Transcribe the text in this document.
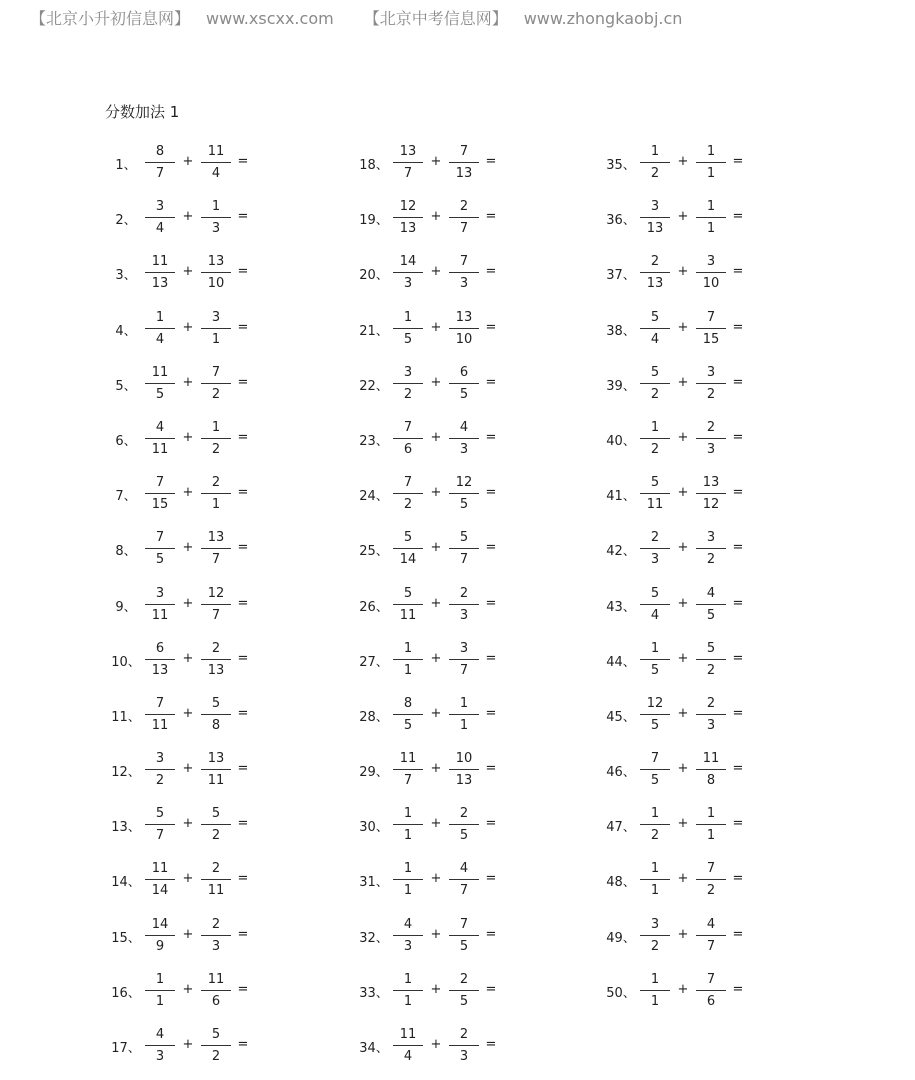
【北京小升初信息网】 www.xscxx.com 【北京中考信息网】 www.zhongkaobj.cn
分数加法 1
1、
8
7
+
11
4
=
2、
3
4
+
1
3
=
3、
11
13
+
13
10
=
4、
1
4
+
3
1
=
5、
11
5
+
7
2
=
6、
4
11
+
1
2
=
7、
7
15
+
2
1
=
8、
7
5
+
13
7
=
9、
3
11
+
12
7
=
10、
6
13
+
2
13
=
11、
7
11
+
5
8
=
12、
3
2
+
13
11
=
13、
5
7
+
5
2
=
14、
11
14
+
2
11
=
15、
14
9
+
2
3
=
16、
1
1
+
11
6
=
17、
4
3
+
5
2
=
18、
13
7
+
7
13
=
19、
12
13
+
2
7
=
20、
14
3
+
7
3
=
21、
1
5
+
13
10
=
22、
3
2
+
6
5
=
23、
7
6
+
4
3
=
24、
7
2
+
12
5
=
25、
5
14
+
5
7
=
26、
5
11
+
2
3
=
27、
1
1
+
3
7
=
28、
8
5
+
1
1
=
29、
11
7
+
10
13
=
30、
1
1
+
2
5
=
31、
1
1
+
4
7
=
32、
4
3
+
7
5
=
33、
1
1
+
2
5
=
34、
11
4
+
2
3
=
35、
1
2
+
1
1
=
36、
3
13
+
1
1
=
37、
2
13
+
3
10
=
38、
5
4
+
7
15
=
39、
5
2
+
3
2
=
40、
1
2
+
2
3
=
41、
5
11
+
13
12
=
42、
2
3
+
3
2
=
43、
5
4
+
4
5
=
44、
1
5
+
5
2
=
45、
12
5
+
2
3
=
46、
7
5
+
11
8
=
47、
1
2
+
1
1
=
48、
1
1
+
7
2
=
49、
3
2
+
4
7
=
50、
1
1
+
7
6
=
